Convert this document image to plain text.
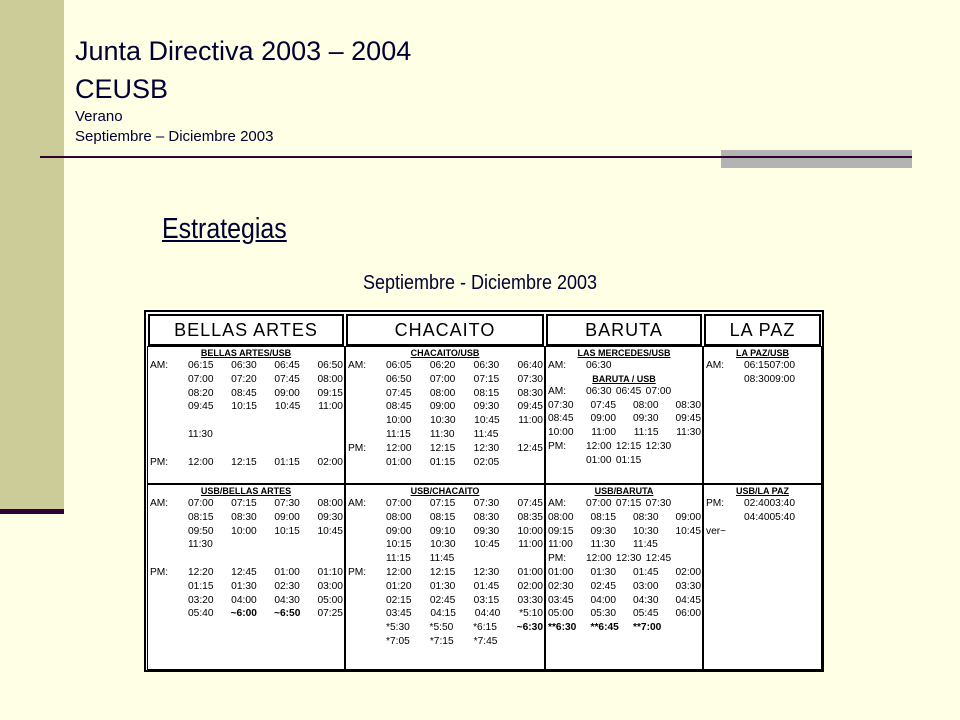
Junta Directiva 2003 – 2004
CEUSB
Verano
Septiembre – Diciembre 2003
Estrategias
Septiembre - Diciembre 2003
BELLAS ARTES	CHACAITO	BARUTA	LA PAZ
BELLAS ARTES/USB
AM: 06:15 06:30 06:45 06:50
07:00 07:20 07:45 08:00
08:20 08:45 09:00 09:15
09:45 10:15 10:45 11:00
11:30
PM: 12:00 12:15 01:15 02:00
CHACAITO/USB
AM: 06:05 06:20 06:30 06:40
06:50 07:00 07:15 07:30
07:45 08:00 08:15 08:30
08:45 09:00 09:30 09:45
10:00 10:30 10:45 11:00
11:15 11:30 11:45
PM: 12:00 12:15 12:30 12:45
01:00 01:15 02:05
LAS MERCEDES/USB
AM: 06:30
BARUTA / USB
AM: 06:30 06:45 07:00
07:30 07:45 08:00 08:30
08:45 09:00 09:30 09:45
10:00 11:00 11:15 11:30
PM: 12:00 12:15 12:30
01:00 01:15
LA PAZ/USB
AM: 06:15 07:00
08:30 09:00
USB/BELLAS ARTES
AM: 07:00 07:15 07:30 08:00
08:15 08:30 09:00 09:30
09:50 10:00 10:15 10:45
11:30
PM: 12:20 12:45 01:00 01:10
01:15 01:30 02:30 03:00
03:20 04:00 04:30 05:00
05:40 ~6:00 ~6:50 07:25
USB/CHACAITO
AM: 07:00 07:15 07:30 07:45
08:00 08:15 08:30 08:35
09:00 09:10 09:30 10:00
10:15 10:30 10:45 11:00
11:15 11:45
PM: 12:00 12:15 12:30 01:00
01:20 01:30 01:45 02:00
02:15 02:45 03:15 03:30
03:45 04:15 04:40 *5:10
*5:30 *5:50 *6:15 ~6:30
*7:05 *7:15 *7:45
USB/BARUTA
AM: 07:00 07:15 07:30
08:00 08:15 08:30 09:00
09:15 09:30 10:30 10:45
11:00 11:30 11:45
PM: 12:00 12:30 12:45
01:00 01:30 01:45 02:00
02:30 02:45 03:00 03:30
03:45 04:00 04:30 04:45
05:00 05:30 05:45 06:00
**6:30 **6:45 **7:00
USB/LA PAZ
PM: 02:40 03:40
04:40 05:40
ver~
